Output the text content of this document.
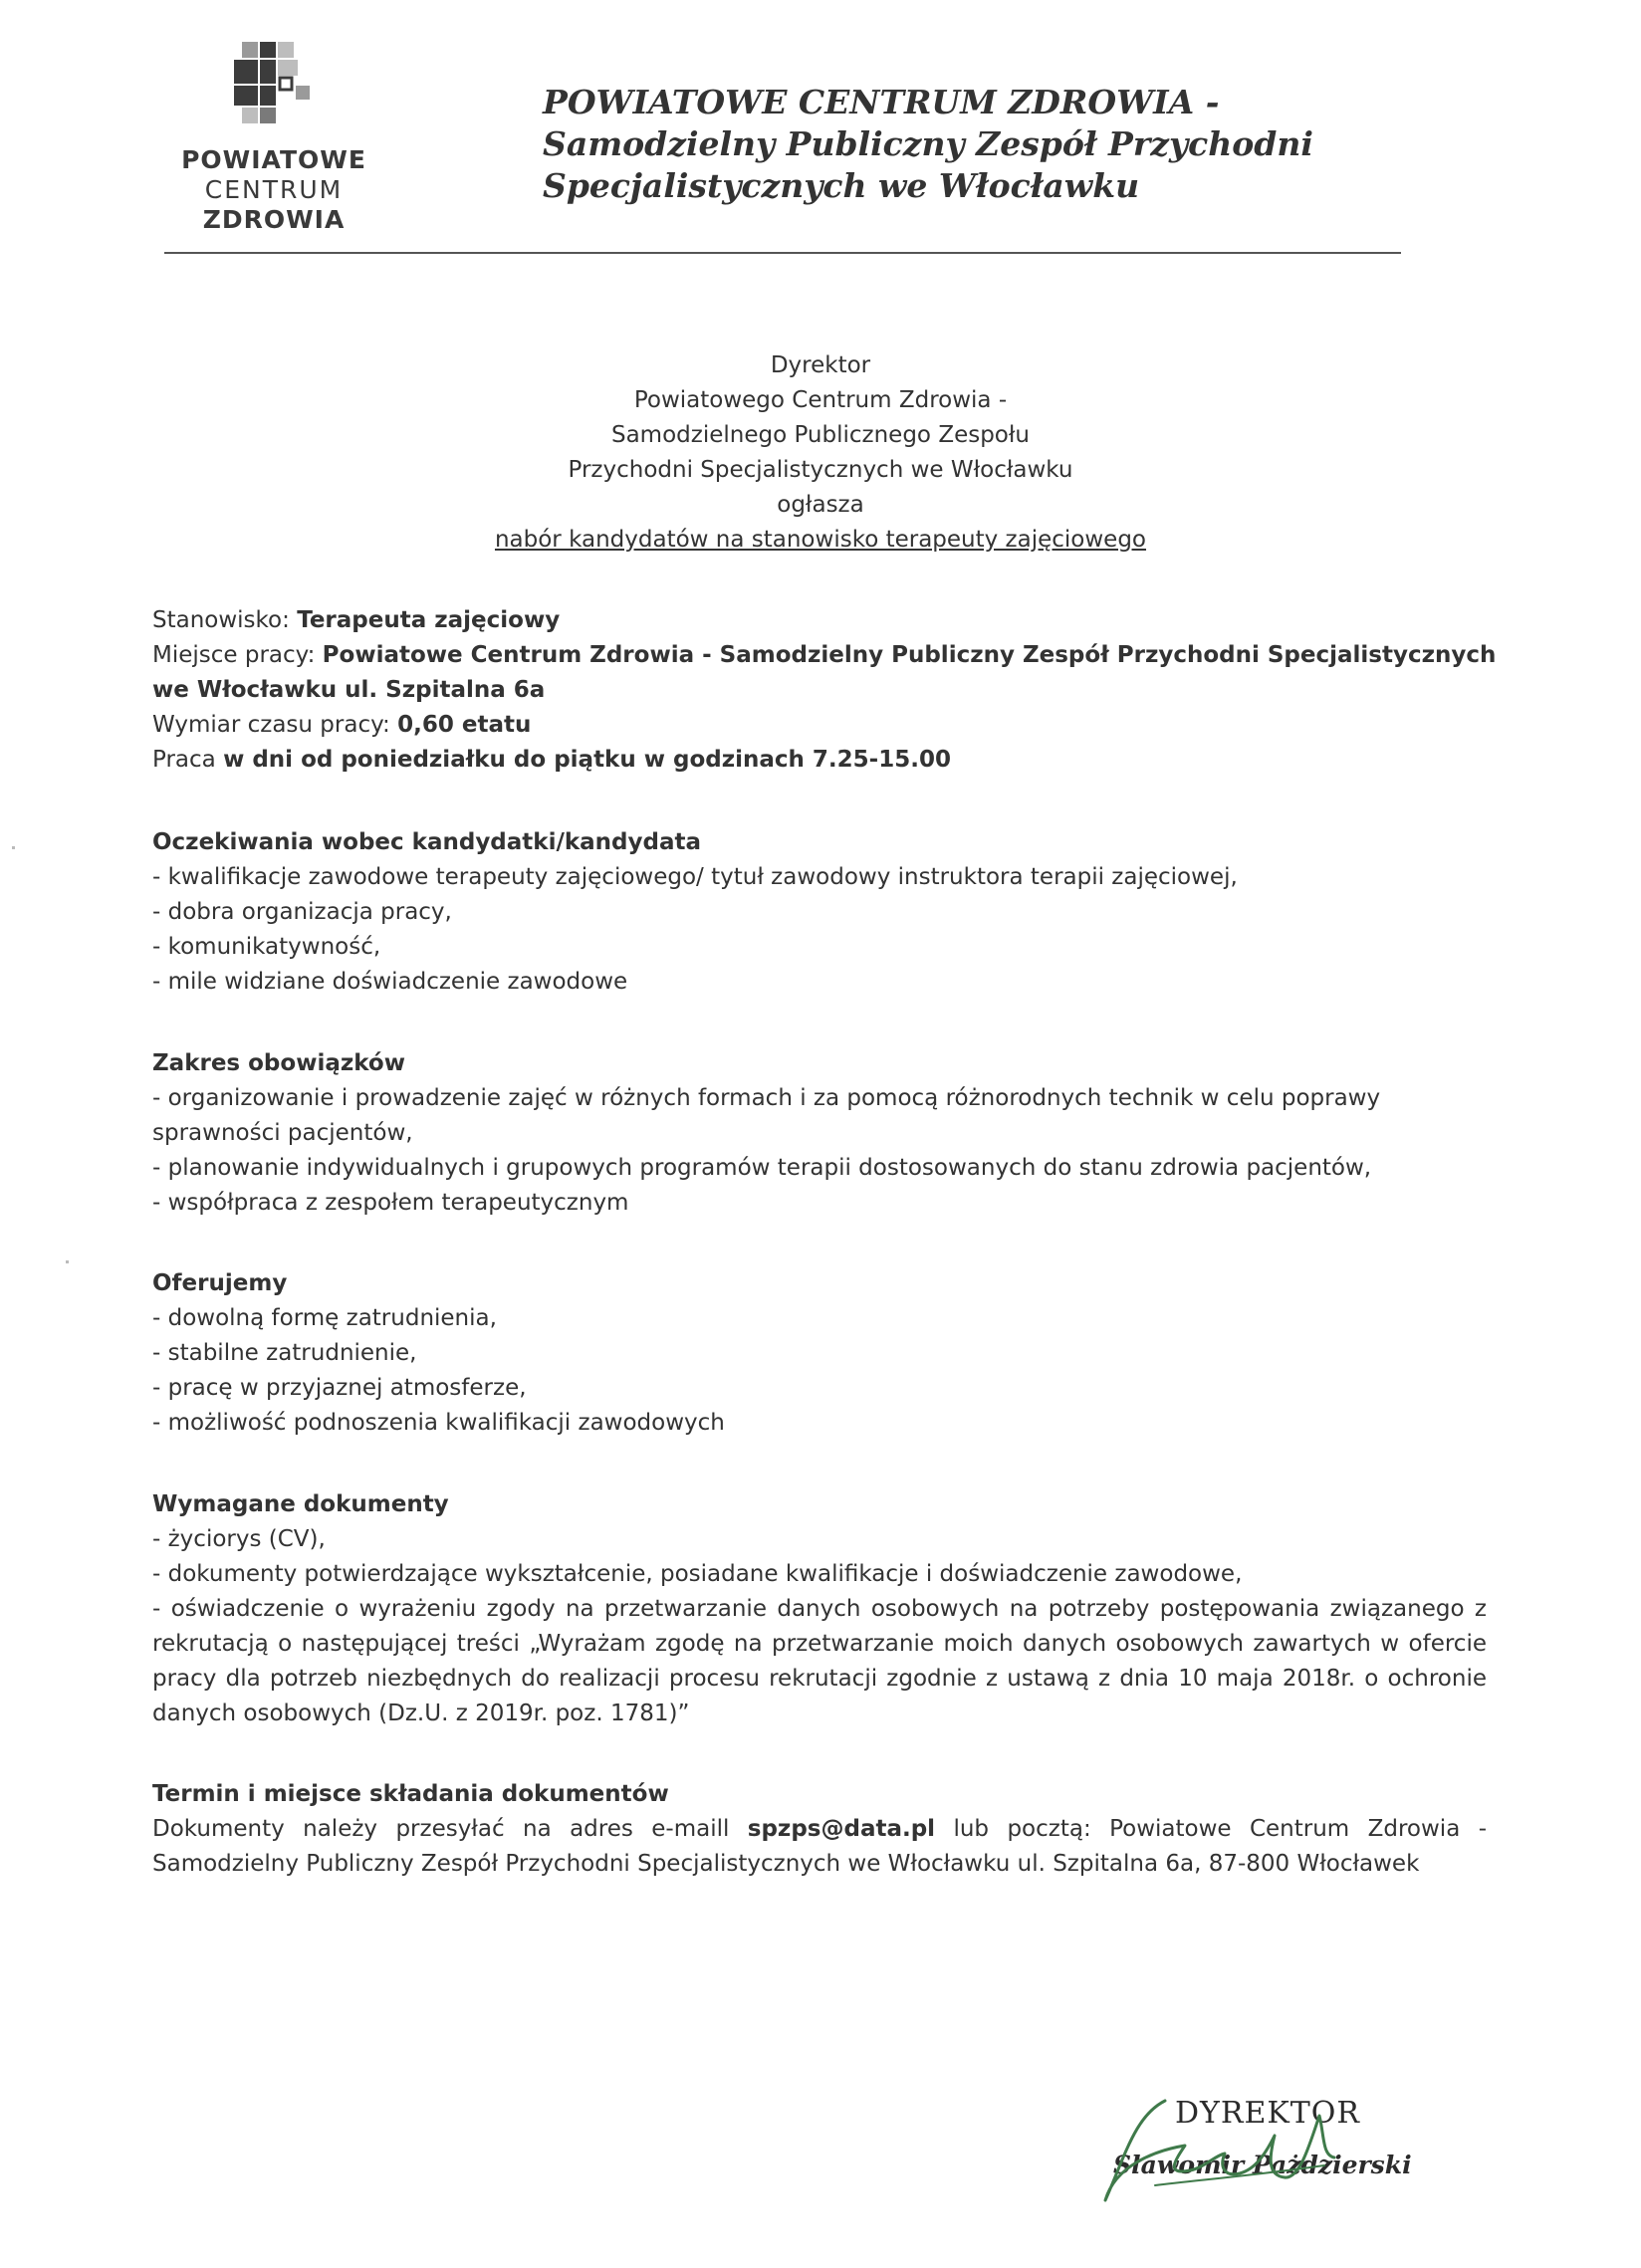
POWIATOWE
CENTRUM
ZDROWIA
POWIATOWE CENTRUM ZDROWIA -
Samodzielny Publiczny Zespół Przychodni
Specjalistycznych we Włocławku
Dyrektor
Powiatowego Centrum Zdrowia -
Samodzielnego Publicznego Zespołu
Przychodni Specjalistycznych we Włocławku
ogłasza
nabór kandydatów na stanowisko terapeuty zajęciowego
Stanowisko: Terapeuta zajęciowy
Miejsce pracy: Powiatowe Centrum Zdrowia - Samodzielny Publiczny Zespół Przychodni Specjalistycznych
we Włocławku ul. Szpitalna 6a
Wymiar czasu pracy: 0,60 etatu
Praca w dni od poniedziałku do piątku w godzinach 7.25-15.00
Oczekiwania wobec kandydatki/kandydata
- kwalifikacje zawodowe terapeuty zajęciowego/ tytuł zawodowy instruktora terapii zajęciowej,
- dobra organizacja pracy,
- komunikatywność,
- mile widziane doświadczenie zawodowe
Zakres obowiązków
- organizowanie i prowadzenie zajęć w różnych formach i za pomocą różnorodnych technik w celu poprawy sprawności pacjentów,
- planowanie indywidualnych i grupowych programów terapii dostosowanych do stanu zdrowia pacjentów,
- współpraca z zespołem terapeutycznym
Oferujemy
- dowolną formę zatrudnienia,
- stabilne zatrudnienie,
- pracę w przyjaznej atmosferze,
- możliwość podnoszenia kwalifikacji zawodowych
Wymagane dokumenty
- życiorys (CV),
- dokumenty potwierdzające wykształcenie, posiadane kwalifikacje i doświadczenie zawodowe,
- oświadczenie o wyrażeniu zgody na przetwarzanie danych osobowych na potrzeby postępowania związanego z rekrutacją o następującej treści „Wyrażam zgodę na przetwarzanie moich danych osobowych zawartych w ofercie pracy dla potrzeb niezbędnych do realizacji procesu rekrutacji zgodnie z ustawą z dnia 10 maja 2018r. o ochronie danych osobowych (Dz.U. z 2019r. poz. 1781)”
Termin i miejsce składania dokumentów
Dokumenty należy przesyłać na adres e-maill spzps@data.pl lub pocztą: Powiatowe Centrum Zdrowia - Samodzielny Publiczny Zespół Przychodni Specjalistycznych we Włocławku ul. Szpitalna 6a, 87-800 Włocławek
DYREKTOR
Sławomir Pażdzierski
